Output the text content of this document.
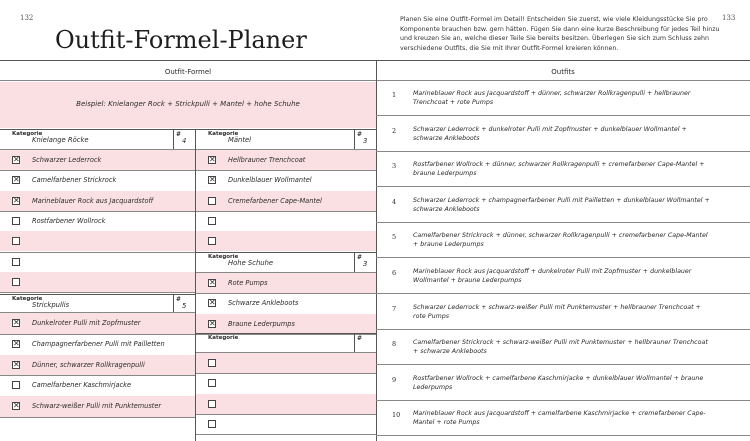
132	133
Outfit-Formel-Planer
Planen Sie eine Outfit-Formel im Detail! Entscheiden Sie zuerst, wie viele Kleidungsstücke Sie pro Komponente brauchen bzw. gern hätten. Fügen Sie dann eine kurze Beschreibung für jedes Teil hinzu und kreuzen Sie an, welche dieser Teile Sie bereits besitzen. Überlegen Sie sich zum Schluss zehn verschiedene Outfits, die Sie mit Ihrer Outfit-Formel kreieren können.
Outfit-Formel	Outfits
Beispiel: Knielanger Rock + Strickpulli + Mantel + hohe Schuhe
Kategorie
Knielange Röcke
#
4
✕ Schwarzer Lederrock
✕ Camelfarbener Strickrock
✕ Marineblauer Rock aus Jacquardstoff
Rostfarbener Wollrock
Kategorie
Mäntel
#
3
✕ Hellbrauner Trenchcoat
✕ Dunkelblauer Wollmantel
Cremefarbener Cape-Mantel
Kategorie
Strickpullis
#
5
✕ Dunkelroter Pulli mit Zopfmuster
✕ Champagnerfarbener Pulli mit Pailletten
✕ Dünner, schwarzer Rollkragenpulli
Camelfarbener Kaschmirjacke
✕ Schwarz-weißer Pulli mit Punktemuster
Kategorie
Hohe Schuhe
#
3
✕ Rote Pumps
✕ Schwarze Ankleboots
✕ Braune Lederpumps
Kategorie	#
1	Marineblauer Rock aus Jacquardstoff + dünner, schwarzer Rollkragenpulli + hellbrauner Trenchcoat + rote Pumps
2	Schwarzer Lederrock + dunkelroter Pulli mit Zopfmuster + dunkelblauer Wollmantel + schwarze Ankleboots
3	Rostfarbener Wollrock + dünner, schwarzer Rollkragenpulli + cremefarbener Cape-Mantel + braune Lederpumps
4	Schwarzer Lederrock + champagnerfarbener Pulli mit Pailletten + dunkelblauer Wollmantel + schwarze Ankleboots
5	Camelfarbener Strickrock + dünner, schwarzer Rollkragenpulli + cremefarbener Cape-Mantel + braune Lederpumps
6	Marineblauer Rock aus Jacquardstoff + dunkelroter Pulli mit Zopfmuster + dunkelblauer Wollmantel + braune Lederpumps
7	Schwarzer Lederrock + schwarz-weißer Pulli mit Punktemuster + hellbrauner Trenchcoat + rote Pumps
8	Camelfarbener Strickrock + schwarz-weißer Pulli mit Punktemuster + hellbrauner Trenchcoat + schwarze Ankleboots
9	Rostfarbener Wollrock + camelfarbene Kaschmirjacke + dunkelblauer Wollmantel + braune Lederpumps
10 Marineblauer Rock aus Jacquardstoff + camelfarbene Kaschmirjacke + cremefarbener Cape-Mantel + rote Pumps
